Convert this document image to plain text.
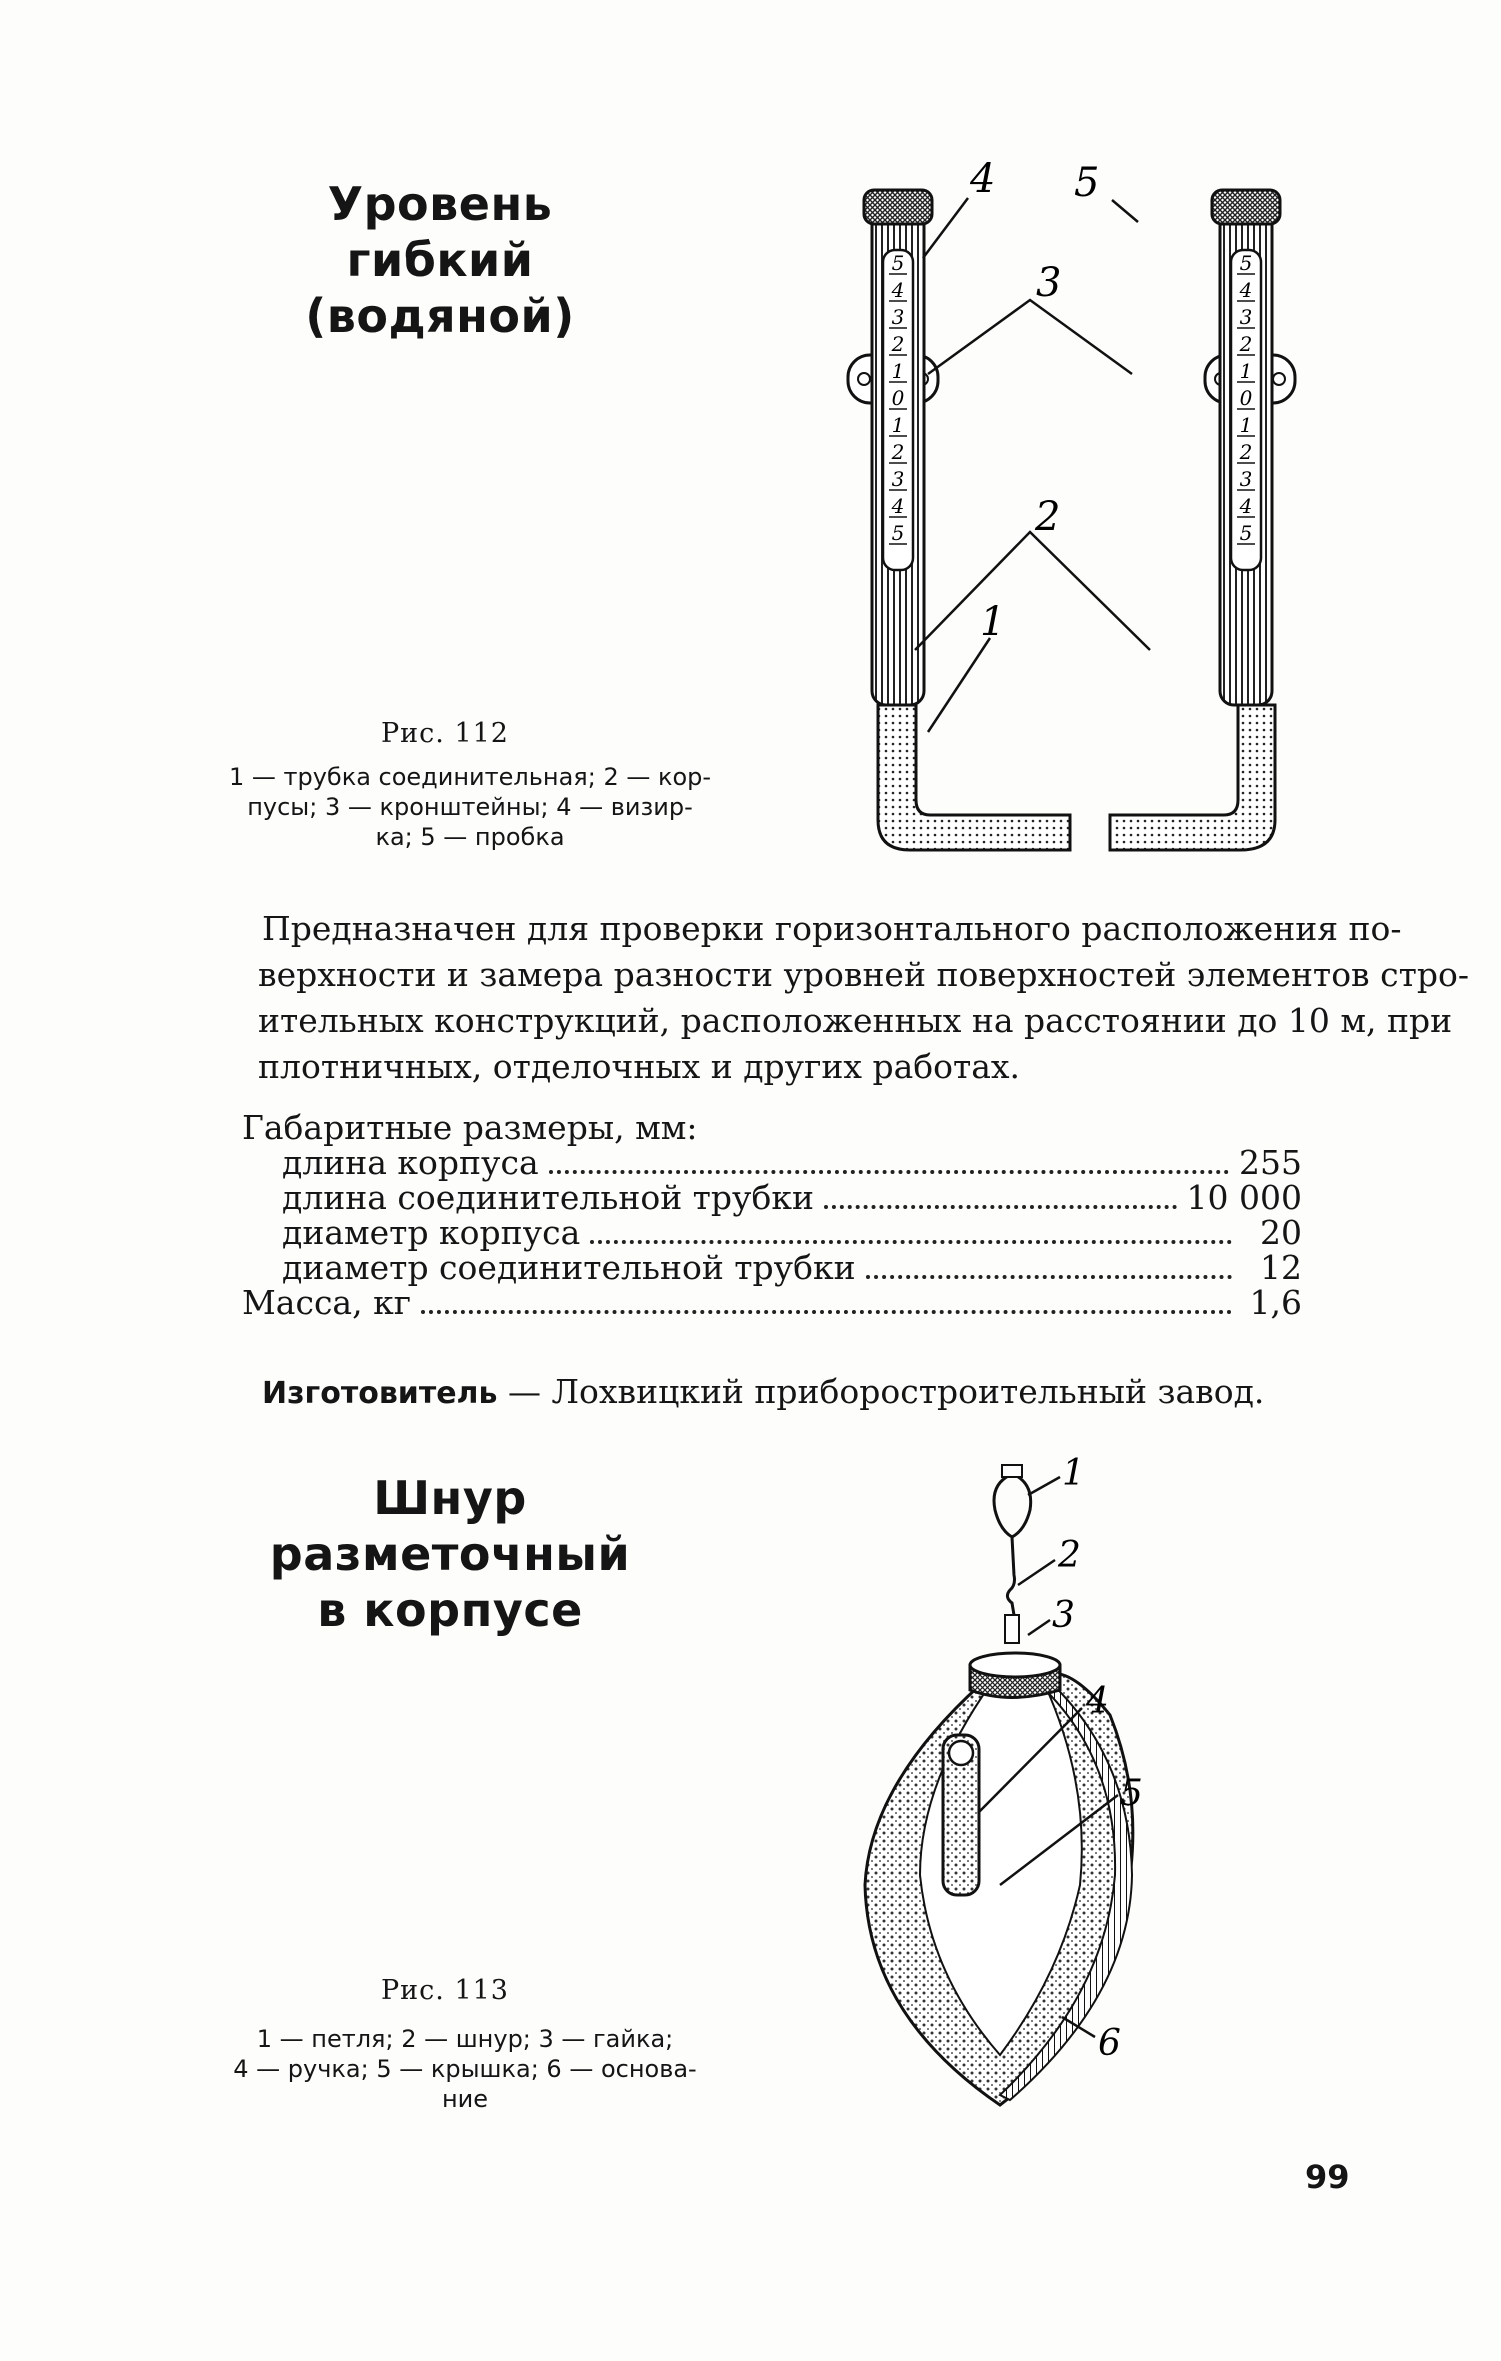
Уровень гибкий
(водяной)
Рис. 112

1 — трубка соединительная; 2 — кор-

пусы; 3 — кронштейны; 4 — визир-

ка; 5 — пробка

5
4
3
2
1
0
1
2
3
4
5
5
4
3
2
1
0
1
2
3
4
5
4 5
3
2
1
Предназначен для проверки горизонтального расположения по-
верхности и замера разности уровней поверхностей элементов стро-
ительных конструкций, расположенных на расстоянии до 10 м, при
плотничных, отделочных и других работах.
Габаритные размеры, мм:
длина корпуса	255
длина соединительной трубки	10 000
диаметр корпуса	20
диаметр соединительной трубки	12
Масса, кг	1,6
Изготовитель — Лохвицкий приборостроительный завод.
Шнур разметочный
в корпусе
Рис. 113

1 — петля; 2 — шнур; 3 — гайка;

4 — ручка; 5 — крышка; 6 — основа-

ние

1
2
3
4
5
6
99
